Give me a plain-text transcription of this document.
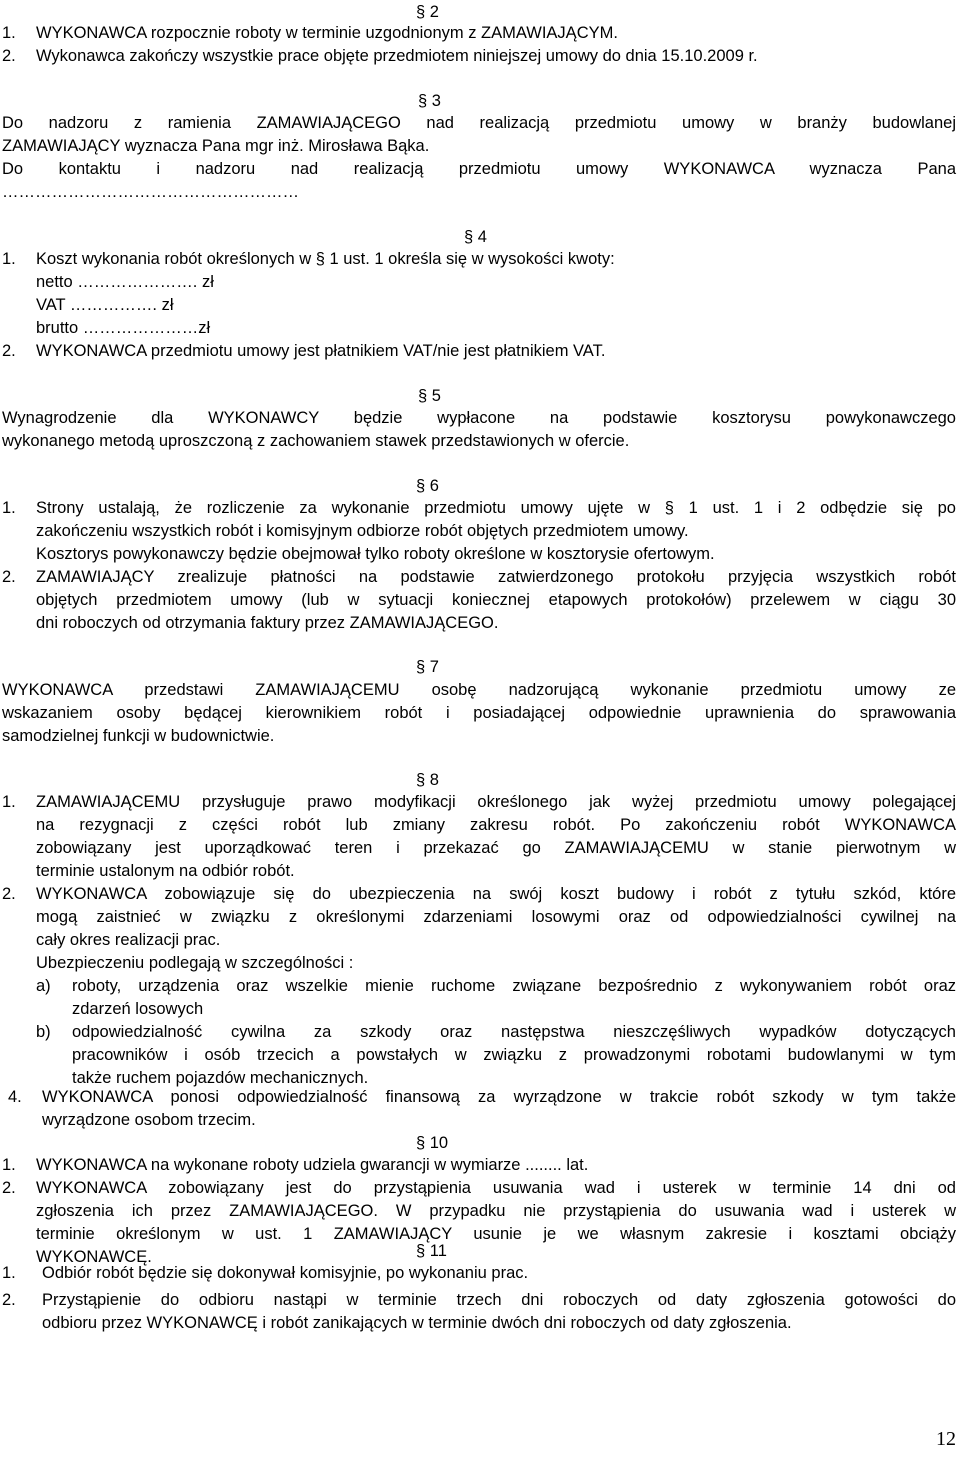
§ 2
1. WYKONAWCA rozpocznie roboty w terminie uzgodnionym z ZAMAWIAJĄCYM.
2. Wykonawca zakończy wszystkie prace objęte przedmiotem niniejszej umowy do dnia 15.10.2009 r.
§ 3
Do nadzoru z ramienia ZAMAWIAJĄCEGO nad realizacją przedmiotu umowy w branży budowlanej
ZAMAWIAJĄCY wyznacza Pana mgr inż. Mirosława Bąka.
Do kontaktu i nadzoru nad realizacją przedmiotu umowy WYKONAWCA wyznacza Pana
………………………………………………
§ 4
1. Koszt wykonania robót określonych w § 1 ust. 1 określa się w wysokości kwoty:
netto …………………. zł
VAT ……………. zł
brutto …………………zł
2. WYKONAWCA przedmiotu umowy jest płatnikiem VAT/nie jest płatnikiem VAT.
§ 5
Wynagrodzenie dla WYKONAWCY będzie wypłacone na podstawie kosztorysu powykonawczego
wykonanego metodą uproszczoną z zachowaniem stawek przedstawionych w ofercie.
§ 6
1. Strony ustalają, że rozliczenie za wykonanie przedmiotu umowy ujęte w § 1 ust. 1 i 2 odbędzie się po
zakończeniu wszystkich robót i komisyjnym odbiorze robót objętych przedmiotem umowy.
Kosztorys powykonawczy będzie obejmował tylko roboty określone w kosztorysie ofertowym.
2. ZAMAWIAJĄCY zrealizuje płatności na podstawie zatwierdzonego protokołu przyjęcia wszystkich robót
objętych przedmiotem umowy (lub w sytuacji koniecznej etapowych protokołów) przelewem w ciągu 30
dni roboczych od otrzymania faktury przez ZAMAWIAJĄCEGO.
§ 7
WYKONAWCA przedstawi ZAMAWIAJĄCEMU osobę nadzorującą wykonanie przedmiotu umowy ze
wskazaniem osoby będącej kierownikiem robót i posiadającej odpowiednie uprawnienia do sprawowania
samodzielnej funkcji w budownictwie.
§ 8
1. ZAMAWIAJĄCEMU przysługuje prawo modyfikacji określonego jak wyżej przedmiotu umowy polegającej
na rezygnacji z części robót lub zmiany zakresu robót. Po zakończeniu robót WYKONAWCA
zobowiązany jest uporządkować teren i przekazać go ZAMAWIAJĄCEMU w stanie pierwotnym w
terminie ustalonym na odbiór robót.
2. WYKONAWCA zobowiązuje się do ubezpieczenia na swój koszt budowy i robót z tytułu szkód, które
mogą zaistnieć w związku z określonymi zdarzeniami losowymi oraz od odpowiedzialności cywilnej na
cały okres realizacji prac.
Ubezpieczeniu podlegają w szczególności :
a) roboty, urządzenia oraz wszelkie mienie ruchome związane bezpośrednio z wykonywaniem robót oraz
zdarzeń losowych
b) odpowiedzialność cywilna za szkody oraz następstwa nieszczęśliwych wypadków dotyczących
pracowników i osób trzecich a powstałych w związku z prowadzonymi robotami budowlanymi w tym
także ruchem pojazdów mechanicznych.
4. WYKONAWCA ponosi odpowiedzialność finansową za wyrządzone w trakcie robót szkody w tym także
wyrządzone osobom trzecim.
§ 10
1. WYKONAWCA na wykonane roboty udziela gwarancji w wymiarze ........ lat.
2. WYKONAWCA zobowiązany jest do przystąpienia usuwania wad i usterek w terminie 14 dni od
zgłoszenia ich przez ZAMAWIAJĄCEGO. W przypadku nie przystąpienia do usuwania wad i usterek w
terminie określonym w ust. 1 ZAMAWIAJĄCY usunie je we własnym zakresie i kosztami obciąży
WYKONAWCĘ.	§ 11
1. Odbiór robót będzie się dokonywał komisyjnie, po wykonaniu prac.
2. Przystąpienie do odbioru nastąpi w terminie trzech dni roboczych od daty zgłoszenia gotowości do
odbioru przez WYKONAWCĘ i robót zanikających w terminie dwóch dni roboczych od daty zgłoszenia.
12
